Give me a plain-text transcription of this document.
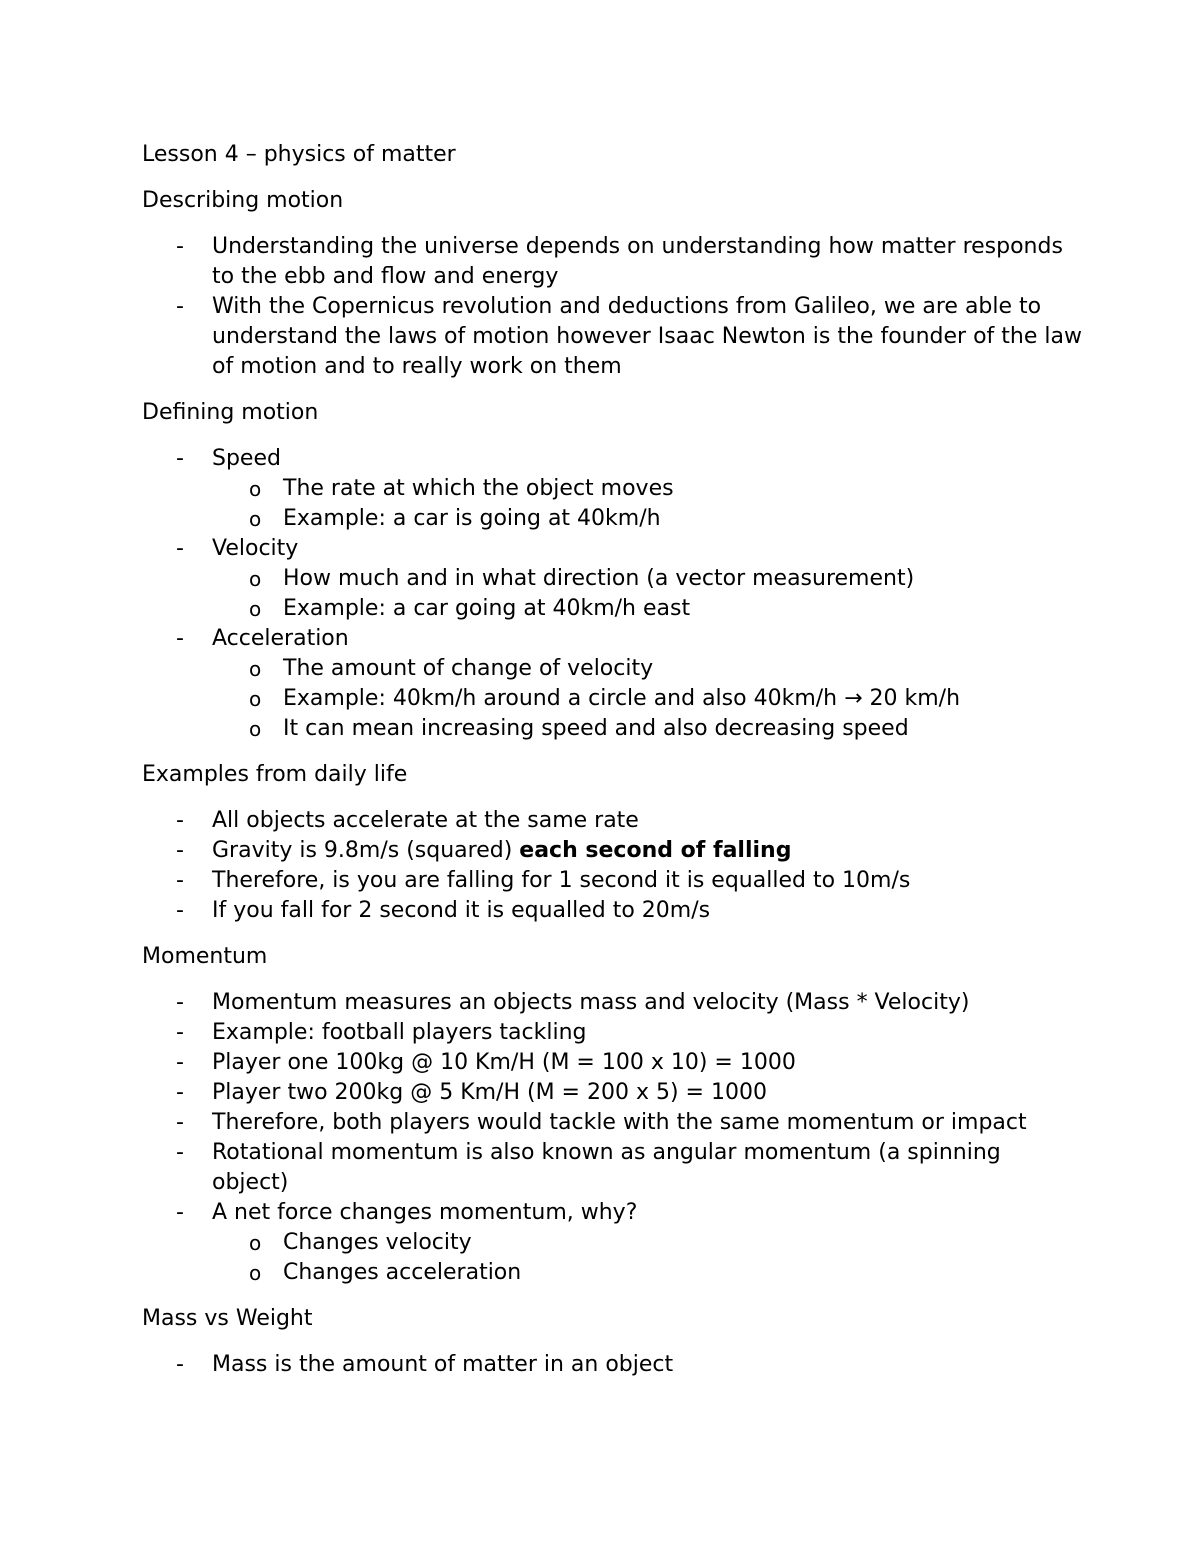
Lesson 4 – physics of matter

Describing motion

- Understanding the universe depends on understanding how matter responds to the ebb and flow and energy
- With the Copernicus revolution and deductions from Galileo, we are able to understand the laws of motion however Isaac Newton is the founder of the law of motion and to really work on them

Defining motion

- Speed
o The rate at which the object moves
o Example: a car is going at 40km/h
- Velocity
o How much and in what direction (a vector measurement)
o Example: a car going at 40km/h east
- Acceleration
o The amount of change of velocity
o Example: 40km/h around a circle and also 40km/h → 20 km/h
o It can mean increasing speed and also decreasing speed

Examples from daily life

- All objects accelerate at the same rate
- Gravity is 9.8m/s (squared) each second of falling
- Therefore, is you are falling for 1 second it is equalled to 10m/s
- If you fall for 2 second it is equalled to 20m/s

Momentum

- Momentum measures an objects mass and velocity (Mass * Velocity)
- Example: football players tackling
- Player one 100kg @ 10 Km/H (M = 100 x 10) = 1000
- Player two 200kg @ 5 Km/H (M = 200 x 5) = 1000
- Therefore, both players would tackle with the same momentum or impact
- Rotational momentum is also known as angular momentum (a spinning object)
- A net force changes momentum, why?
o Changes velocity
o Changes acceleration

Mass vs Weight

- Mass is the amount of matter in an object
